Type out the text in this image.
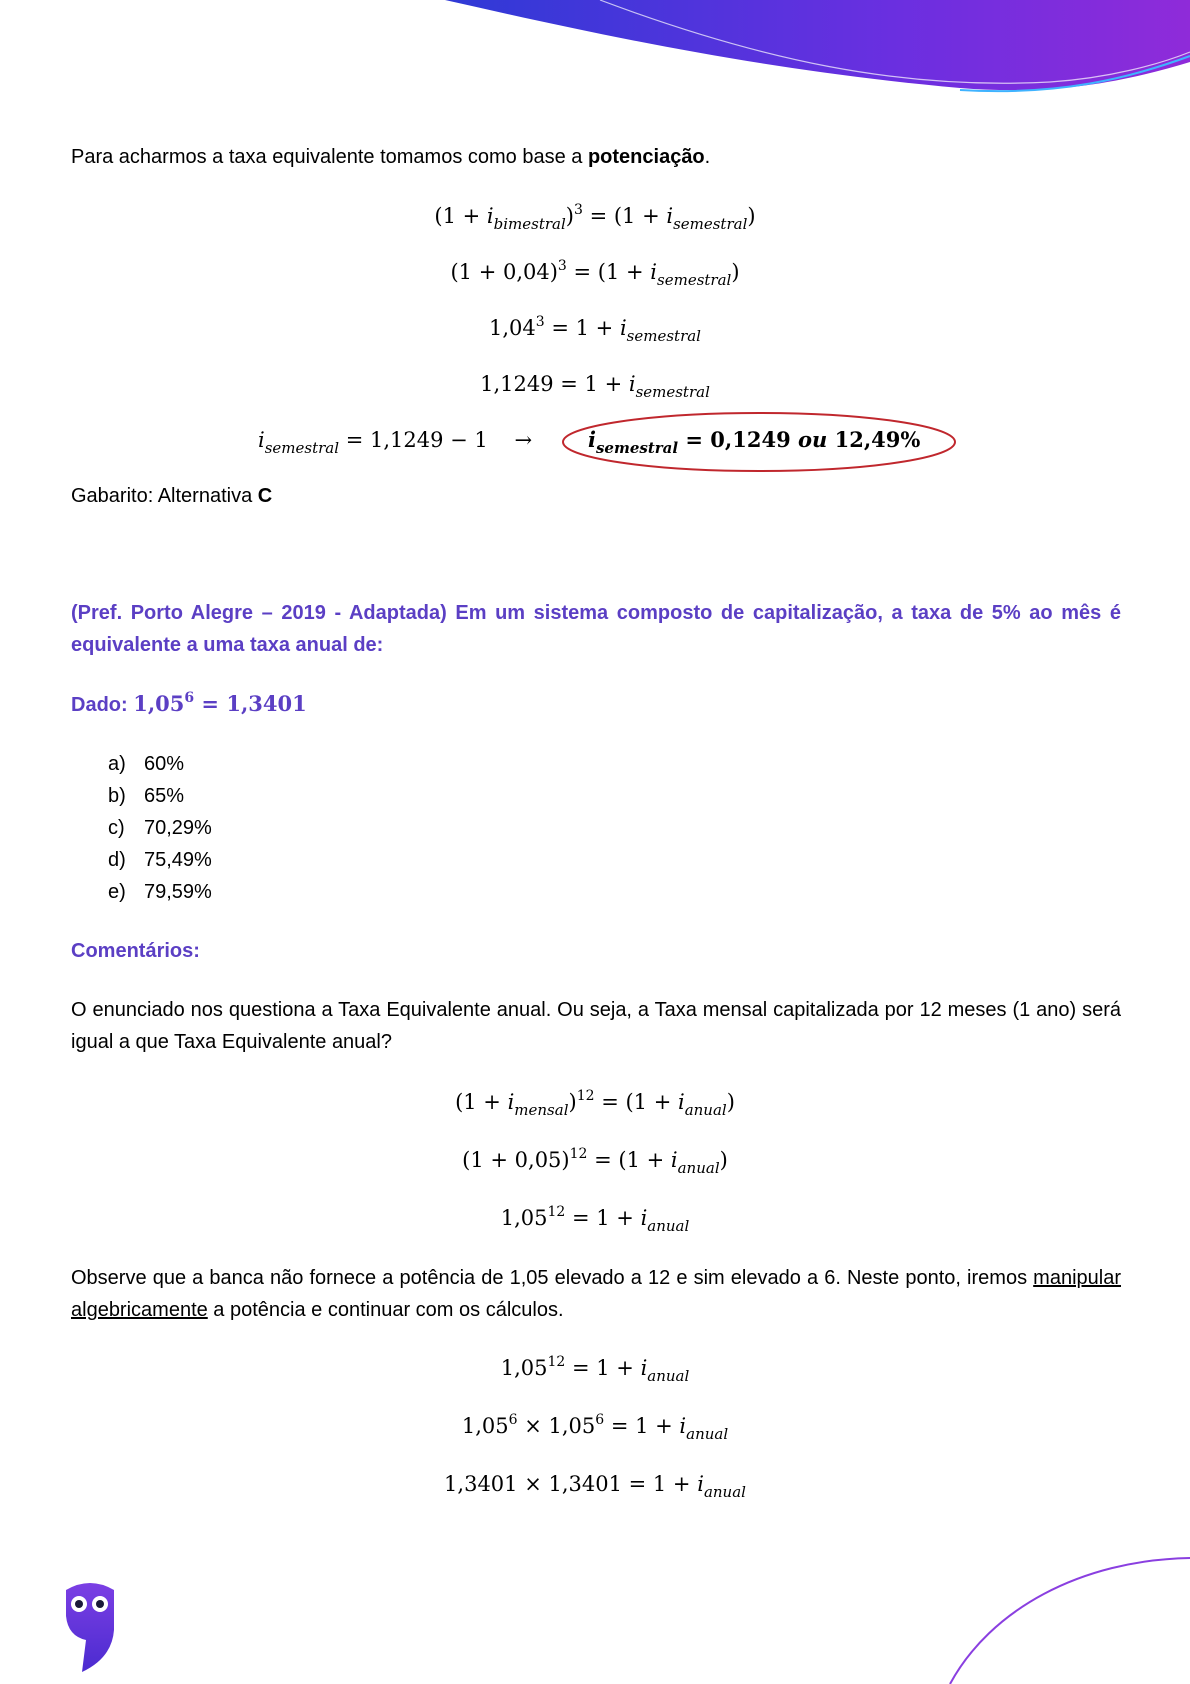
Para acharmos a taxa equivalente tomamos como base a potenciação.
$(1 + i_{bimestral})^3 = (1 + i_{semestral})$
$(1 + 0,04)^3 = (1 + i_{semestral})$
$1,04^3 = 1 + i_{semestral}$
$1,1249 = 1 + i_{semestral}$
$i_{semestral} = 1,1249 - 1$ →	$i_{semestral} = 0,1249$ ou 12,49%
Gabarito: Alternativa C
(Pref. Porto Alegre – 2019 - Adaptada) Em um sistema composto de capitalização, a taxa de 5% ao mês é equivalente a uma taxa anual de:
Dado: $1,05^6 = 1,3401$
a) 60%
b) 65%
c) 70,29%
d) 75,49%
e) 79,59%
Comentários:
O enunciado nos questiona a Taxa Equivalente anual. Ou seja, a Taxa mensal capitalizada por 12 meses (1 ano) será igual a que Taxa Equivalente anual?
$(1 + i_{mensal})^{12} = (1 + i_{anual})$
$(1 + 0,05)^{12} = (1 + i_{anual})$
$1,05^{12} = 1 + i_{anual}$
Observe que a banca não fornece a potência de 1,05 elevado a 12 e sim elevado a 6. Neste ponto, iremos manipular algebricamente a potência e continuar com os cálculos.
$1,05^{12} = 1 + i_{anual}$
$1,05^6 \times 1,05^6 = 1 + i_{anual}$
$1,3401 \times 1,3401 = 1 + i_{anual}$
